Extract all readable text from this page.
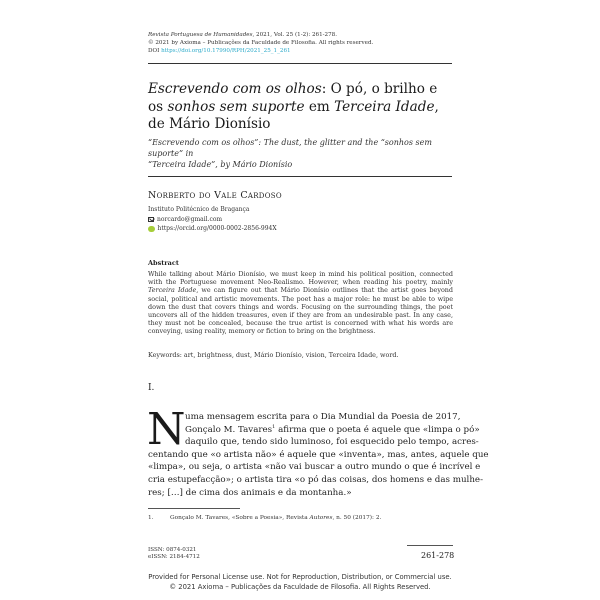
Revista Portuguesa de Humanidades, 2021, Vol. 25 (1-2): 261-278.
© 2021 by Axioma – Publicações da Faculdade de Filosofia. All rights reserved.
DOI https://doi.org/10.17990/RPH/2021_25_1_261
Escrevendo com os olhos: O pó, o brilho e os sonhos sem suporte em Terceira Idade, de Mário Dionísio
“Escrevendo com os olhos”: The dust, the glitter and the “sonhos sem suporte” in
“Terceira Idade”, by Mário Dionísio
Norberto do Vale Cardoso
Instituto Politécnico de Bragança
norcardo@gmail.com
https://orcid.org/0000-0002-2856-994X
Abstract
While talking about Mário Dionísio, we must keep in mind his political position, connected with the Portuguese movement Neo-Realismo. However, when reading his poetry, mainly Terceira Idade, we can figure out that Mário Dionísio outlines that the artist goes beyond social, political and artistic movements. The poet has a major role: he must be able to wipe down the dust that covers things and words. Focusing on the surrounding things, the poet uncovers all of the hidden treasures, even if they are from an undesirable past. In any case, they must not be concealed, because the true artist is concerned with what his words are conveying, using reality, memory or fiction to bring on the brightness.
Keywords: art, brightness, dust, Mário Dionísio, vision, Terceira Idade, word.
I.
N uma mensagem escrita para o Dia Mundial da Poesia de 2017,
Gonçalo M. Tavares$^1$ afirma que o poeta é aquele que «limpa o pó»
daquilo que, tendo sido luminoso, foi esquecido pelo tempo, acres-
centando que «o artista não» é aquele que «inventa», mas, antes, aquele que
«limpa», ou seja, o artista «não vai buscar a outro mundo o que é incrível e
cria estupefacção»; o artista tira «o pó das coisas, dos homens e das mulhe-
res; […] de cima dos animais e da montanha.»
1.	Gonçalo M. Tavares, «Sobre a Poesia», Revista Autores, n. 50 (2017): 2.
ISSN: 0874-0321
eISSN: 2184-4712	261-278
Provided for Personal License use. Not for Reproduction, Distribution, or Commercial use.
© 2021 Axioma – Publicações da Faculdade de Filosofia. All Rights Reserved.
